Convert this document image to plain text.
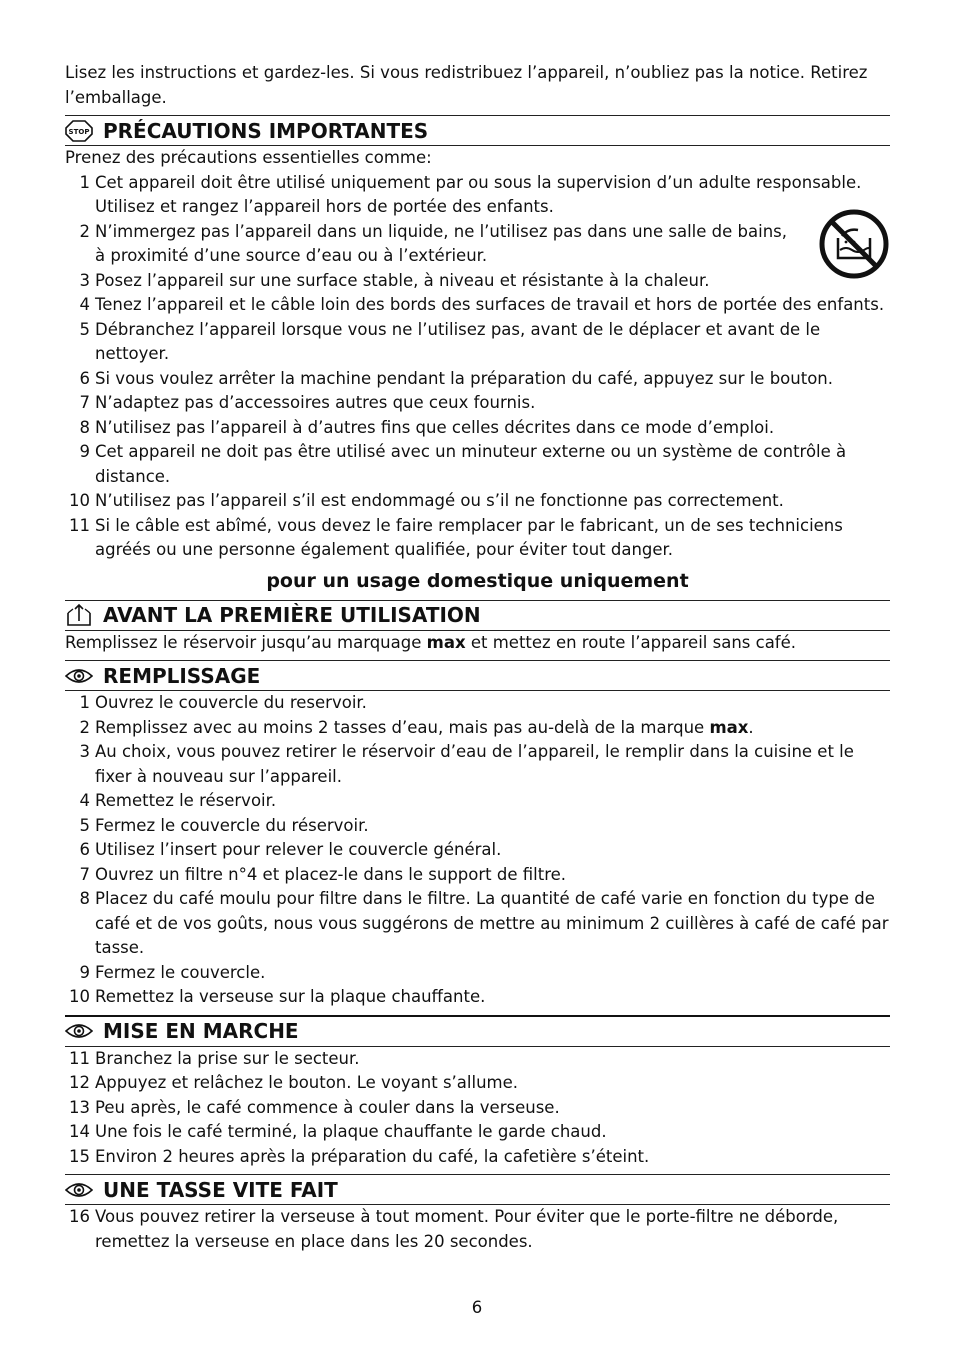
Lisez les instructions et gardez-les. Si vous redistribuez l’appareil, n’oubliez pas la notice. Retirez l’emballage.

STOP PRÉCAUTIONS IMPORTANTES

Prenez des précautions essentielles comme:

1 Cet appareil doit être utilisé uniquement par ou sous la supervision d’un adulte responsable. Utilisez et rangez l’appareil hors de portée des enfants.
2 N’immergez pas l’appareil dans un liquide, ne l’utilisez pas dans une salle de bains, à proximité d’une source d’eau ou à l’extérieur.
3 Posez l’appareil sur une surface stable, à niveau et résistante à la chaleur.
4 Tenez l’appareil et le câble loin des bords des surfaces de travail et hors de portée des enfants.
5 Débranchez l’appareil lorsque vous ne l’utilisez pas, avant de le déplacer et avant de le nettoyer.
6 Si vous voulez arrêter la machine pendant la préparation du café, appuyez sur le bouton.
7 N’adaptez pas d’accessoires autres que ceux fournis.
8 N’utilisez pas l’appareil à d’autres fins que celles décrites dans ce mode d’emploi.
9 Cet appareil ne doit pas être utilisé avec un minuteur externe ou un système de contrôle à distance.
10 N’utilisez pas l’appareil s’il est endommagé ou s’il ne fonctionne pas correctement.
11 Si le câble est abîmé, vous devez le faire remplacer par le fabricant, un de ses techniciens agréés ou une personne également qualifiée, pour éviter tout danger.
pour un usage domestique uniquement
AVANT LA PREMIÈRE UTILISATION

Remplissez le réservoir jusqu’au marquage max et mettez en route l’appareil sans café.

REMPLISSAGE
1 Ouvrez le couvercle du reservoir.
2 Remplissez avec au moins 2 tasses d’eau, mais pas au-delà de la marque max.
3 Au choix, vous pouvez retirer le réservoir d’eau de l’appareil, le remplir dans la cuisine et le fixer à nouveau sur l’appareil.
4 Remettez le réservoir.
5 Fermez le couvercle du réservoir.
6 Utilisez l’insert pour relever le couvercle général.
7 Ouvrez un filtre n°4 et placez-le dans le support de filtre.
8 Placez du café moulu pour filtre dans le filtre. La quantité de café varie en fonction du type de café et de vos goûts, nous vous suggérons de mettre au minimum 2 cuillères à café de café par tasse.
9 Fermez le couvercle.
10 Remettez la verseuse sur la plaque chauffante.
MISE EN MARCHE
11 Branchez la prise sur le secteur.
12 Appuyez et relâchez le bouton. Le voyant s’allume.
13 Peu après, le café commence à couler dans la verseuse.
14 Une fois le café terminé, la plaque chauffante le garde chaud.
15 Environ 2 heures après la préparation du café, la cafetière s’éteint.
UNE TASSE VITE FAIT
16 Vous pouvez retirer la verseuse à tout moment. Pour éviter que le porte-filtre ne déborde, remettez la verseuse en place dans les 20 secondes.
6
